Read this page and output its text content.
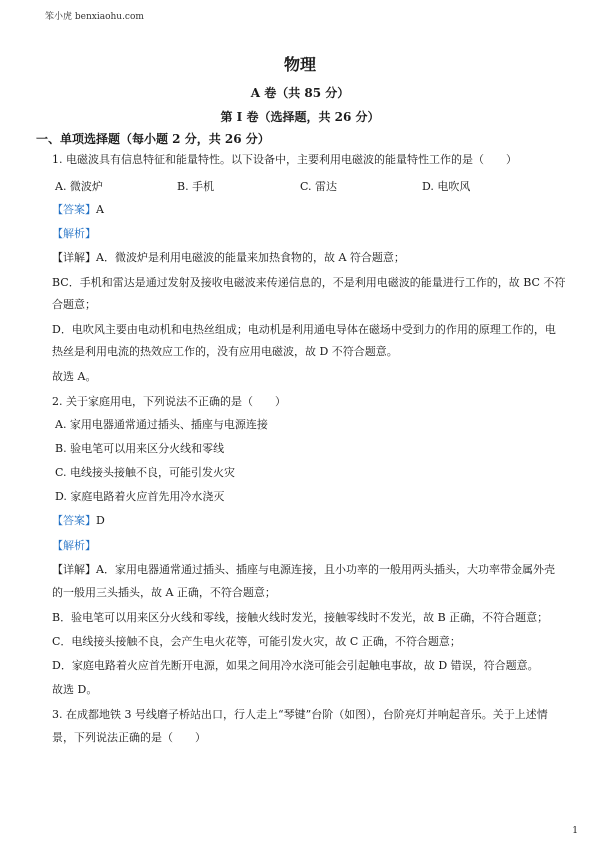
笨小虎 benxiaohu.com
物理
A 卷（共 85 分）
第 I 卷（选择题，共 26 分）
一、单项选择题（每小题 2 分，共 26 分）
1. 电磁波具有信息特征和能量特性。以下设备中，主要利用电磁波的能量特性工作的是（　　）
A. 微波炉	B. 手机	C. 雷达	D. 电吹风
【答案】A
【解析】
【详解】A．微波炉是利用电磁波的能量来加热食物的，故 A 符合题意；
BC．手机和雷达是通过发射及接收电磁波来传递信息的，不是利用电磁波的能量进行工作的，故 BC 不符
合题意；
D．电吹风主要由电动机和电热丝组成；电动机是利用通电导体在磁场中受到力的作用的原理工作的，电
热丝是利用电流的热效应工作的，没有应用电磁波，故 D 不符合题意。
故选 A。
2. 关于家庭用电，下列说法不正确的是（　　）
A. 家用电器通常通过插头、插座与电源连接
B. 验电笔可以用来区分火线和零线
C. 电线接头接触不良，可能引发火灾
D. 家庭电路着火应首先用冷水浇灭
【答案】D
【解析】
【详解】A．家用电器通常通过插头、插座与电源连接，且小功率的一般用两头插头，大功率带金属外壳
的一般用三头插头，故 A 正确，不符合题意；
B．验电笔可以用来区分火线和零线，接触火线时发光，接触零线时不发光，故 B 正确，不符合题意；
C．电线接头接触不良，会产生电火花等，可能引发火灾，故 C 正确，不符合题意；
D．家庭电路着火应首先断开电源，如果之间用冷水浇可能会引起触电事故，故 D 错误，符合题意。
故选 D。
3. 在成都地铁 3 号线磨子桥站出口，行人走上“琴键”台阶（如图），台阶亮灯并响起音乐。关于上述情
景，下列说法正确的是（　　）
1
